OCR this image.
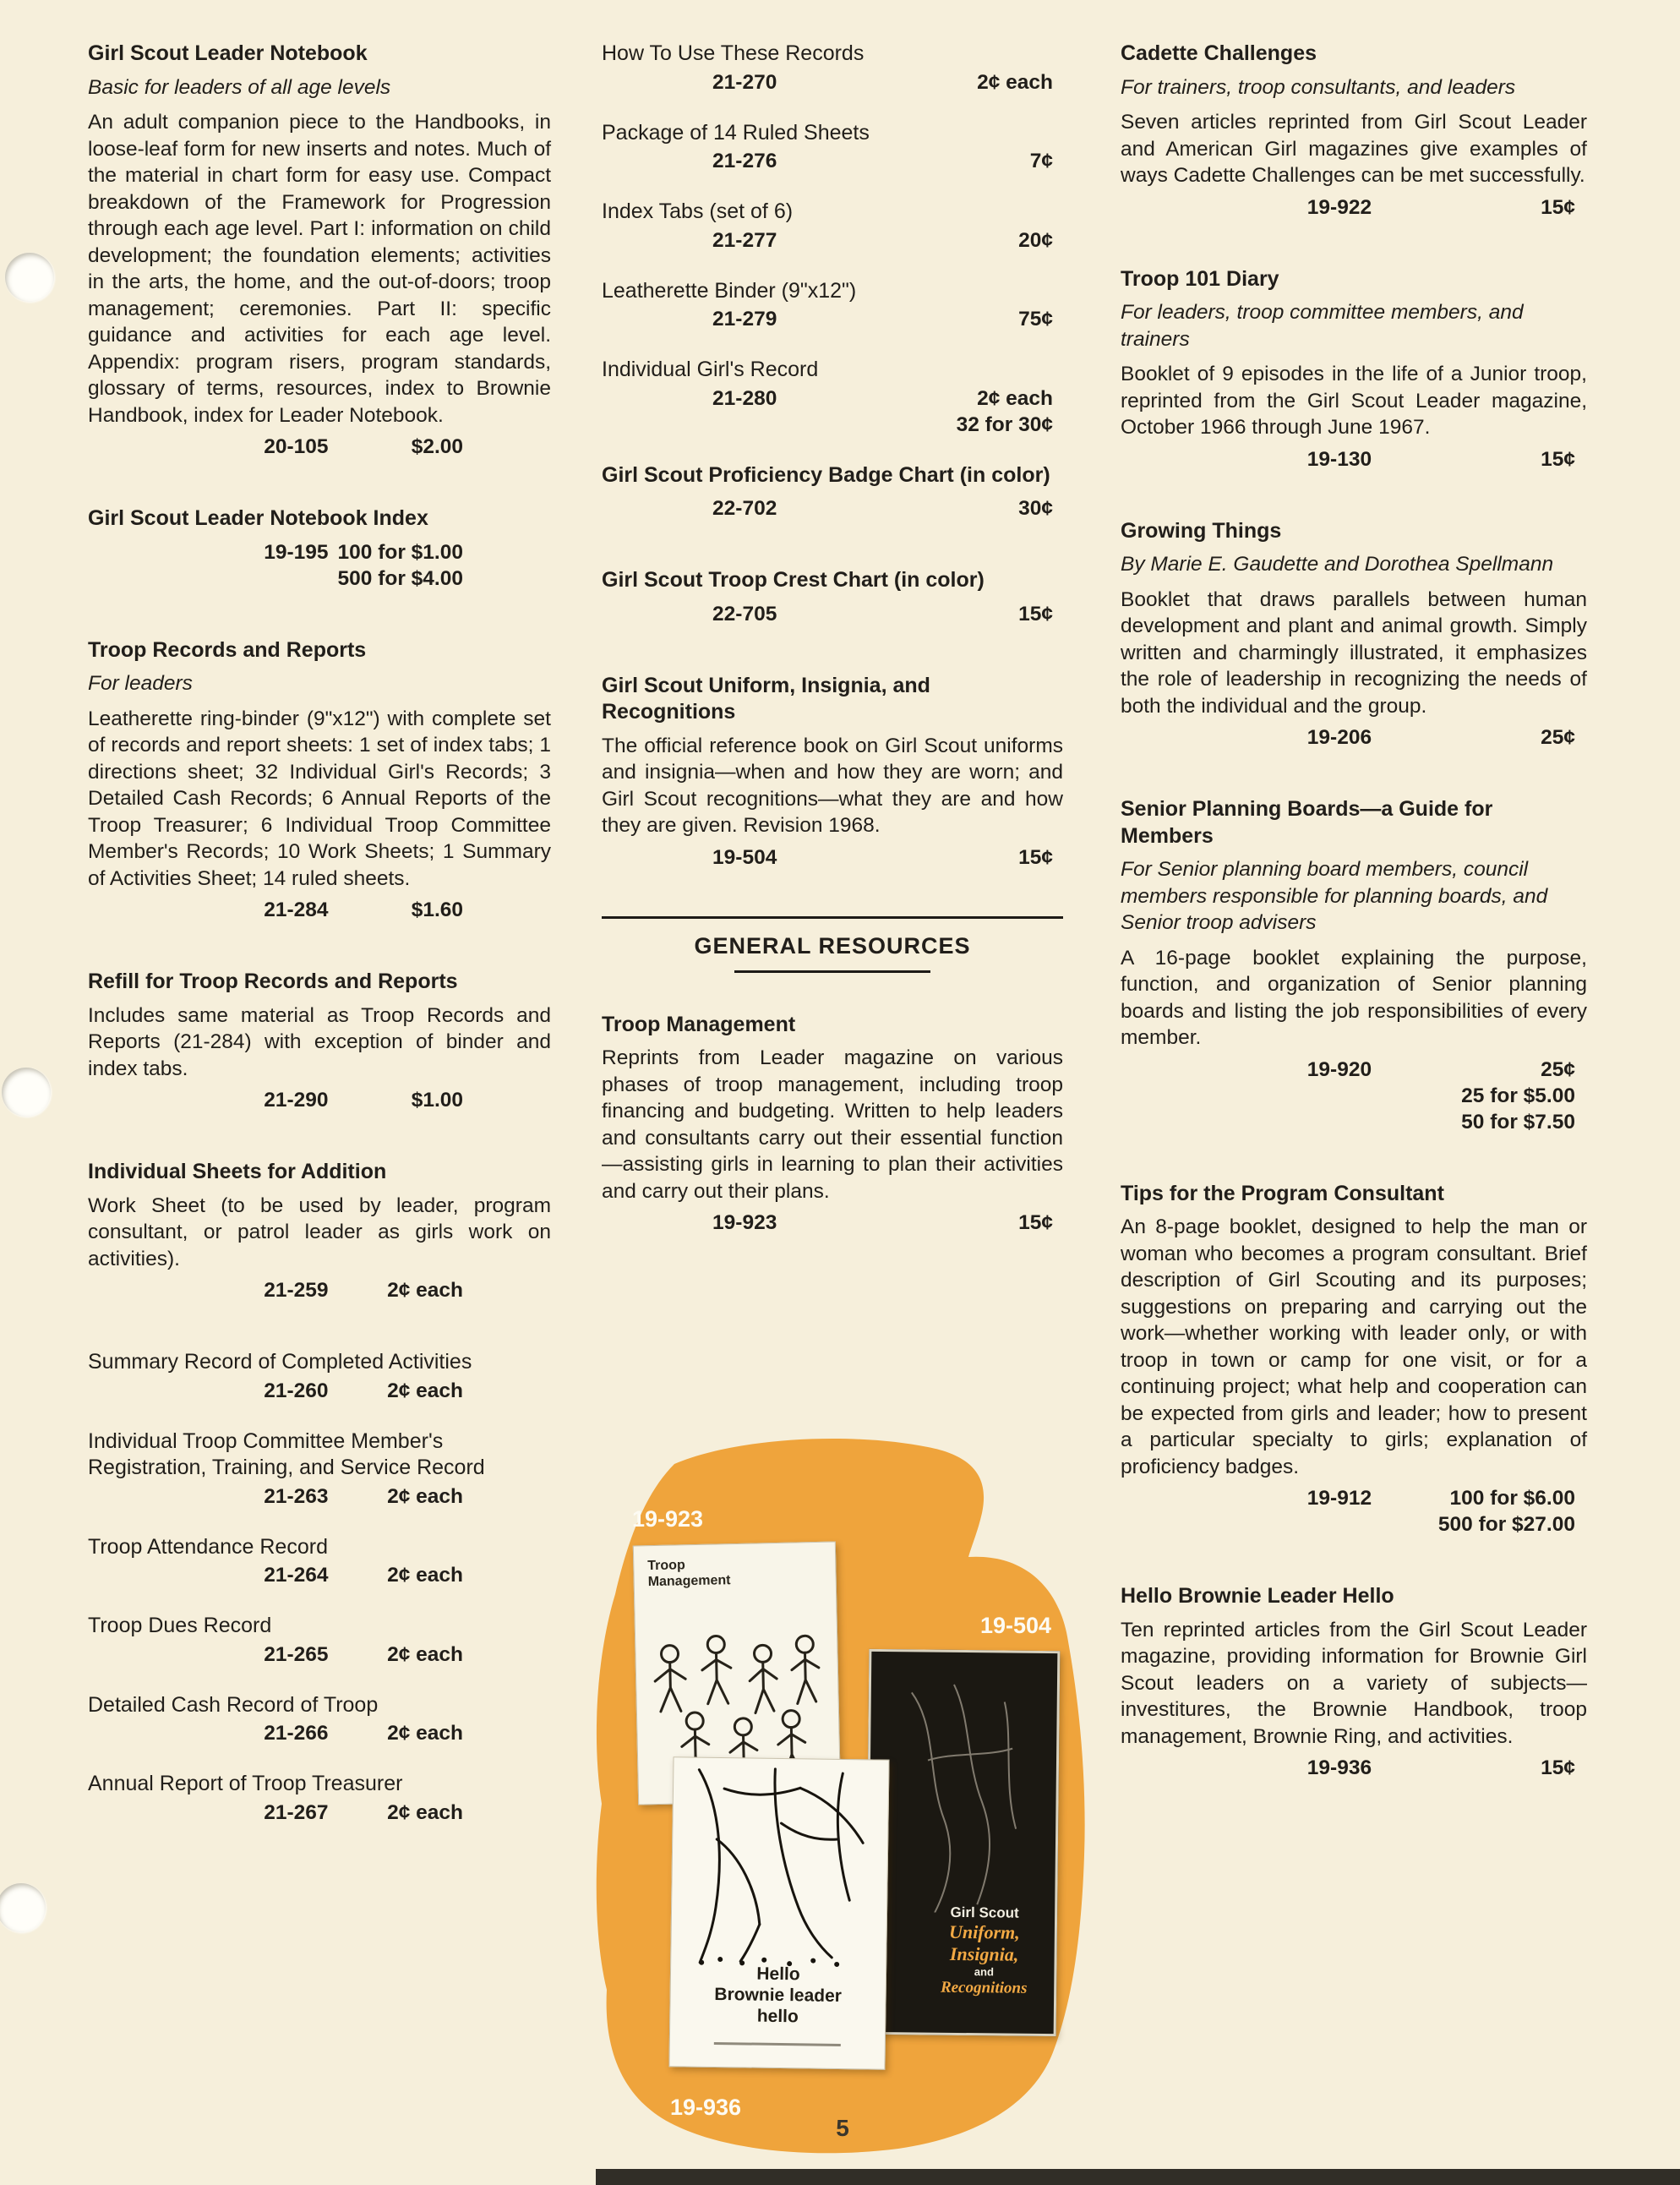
Girl Scout Leader Notebook
Basic for leaders of all age levels
An adult companion piece to the Handbooks, in loose-leaf form for new inserts and notes. Much of the material in chart form for easy use. Compact breakdown of the Framework for Progression through each age level. Part I: information on child development; the foundation elements; activities in the arts, the home, and the out-of-doors; troop management; ceremonies. Part II: specific guidance and activities for each age level. Appendix: program risers, program standards, glossary of terms, resources, index to Brownie Handbook, index for Leader Notebook.
20-105	$2.00
Girl Scout Leader Notebook Index
19-195 100 for $1.00
500 for $4.00
Troop Records and Reports
For leaders
Leatherette ring-binder (9"x12") with complete set of records and report sheets: 1 set of index tabs; 1 directions sheet; 32 Individual Girl's Records; 3 Detailed Cash Records; 6 Annual Reports of the Troop Treasurer; 6 Individual Troop Committee Member's Records; 10 Work Sheets; 1 Summary of Activities Sheet; 14 ruled sheets.
21-284	$1.60
Refill for Troop Records and Reports
Includes same material as Troop Records and Reports (21-284) with exception of binder and index tabs.
21-290	$1.00
Individual Sheets for Addition
Work Sheet (to be used by leader, program consultant, or patrol leader as girls work on activities).
21-259	2¢ each
Summary Record of Completed Activities
21-260	2¢ each
Individual Troop Committee Member's Registration, Training, and Service Record
21-263	2¢ each
Troop Attendance Record
21-264	2¢ each
Troop Dues Record
21-265	2¢ each
Detailed Cash Record of Troop
21-266	2¢ each
Annual Report of Troop Treasurer
21-267	2¢ each
How To Use These Records
21-270	2¢ each
Package of 14 Ruled Sheets
21-276	7¢
Index Tabs (set of 6)
21-277	20¢
Leatherette Binder (9"x12")
21-279	75¢
Individual Girl's Record
21-280	2¢ each
32 for 30¢
Girl Scout Proficiency Badge Chart (in color)
22-702	30¢
Girl Scout Troop Crest Chart (in color)
22-705	15¢
Girl Scout Uniform, Insignia, and Recognitions
The official reference book on Girl Scout uniforms and insignia—when and how they are worn; and Girl Scout recognitions—what they are and how they are given. Revision 1968.
19-504	15¢
GENERAL RESOURCES
Troop Management
Reprints from Leader magazine on various phases of troop management, including troop financing and budgeting. Written to help leaders and consultants carry out their essential function—assisting girls in learning to plan their activities and carry out their plans.
19-923	15¢
Cadette Challenges
For trainers, troop consultants, and leaders
Seven articles reprinted from Girl Scout Leader and American Girl magazines give examples of ways Cadette Challenges can be met successfully.
19-922	15¢
Troop 101 Diary
For leaders, troop committee members, and trainers
Booklet of 9 episodes in the life of a Junior troop, reprinted from the Girl Scout Leader magazine, October 1966 through June 1967.
19-130	15¢
Growing Things
By Marie E. Gaudette and Dorothea Spellmann
Booklet that draws parallels between human development and plant and animal growth. Simply written and charmingly illustrated, it emphasizes the role of leadership in recognizing the needs of both the individual and the group.
19-206	25¢
Senior Planning Boards—a Guide for Members
For Senior planning board members, council members responsible for planning boards, and Senior troop advisers
A 16-page booklet explaining the purpose, function, and organization of Senior planning boards and listing the job responsibilities of every member.
19-920	25¢
25 for $5.00
50 for $7.50
Tips for the Program Consultant
An 8-page booklet, designed to help the man or woman who becomes a program consultant. Brief description of Girl Scouting and its purposes; suggestions on preparing and carrying out the work—whether working with leader only, or with troop in town or camp for one visit, or for a continuing project; what help and cooperation can be expected from girls and leader; how to present a particular specialty to girls; explanation of proficiency badges.
19-912	100 for $6.00
500 for $27.00
Hello Brownie Leader Hello
Ten reprinted articles from the Girl Scout Leader magazine, providing information for Brownie Girl Scout leaders on a variety of subjects—investitures, the Brownie Handbook, troop management, Brownie Ring, and activities.
19-936	15¢
19-923
Troop
Management
19-504
Girl Scout
Uniform,
Insignia,
and
Recognitions
Hello
Brownie leader
hello
19-936
5
